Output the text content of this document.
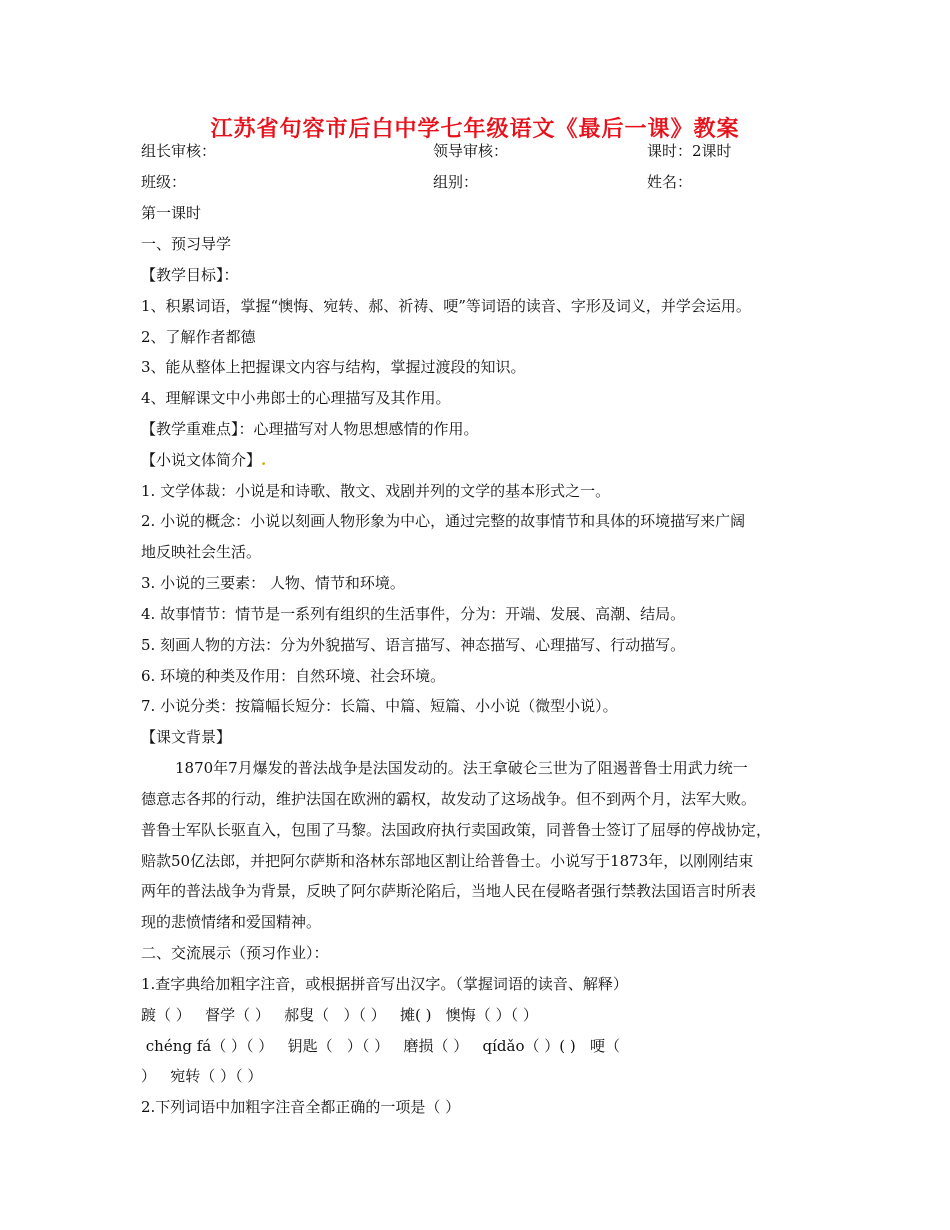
江苏省句容市后白中学七年级语文《最后一课》教案
组长审核：	领导审核：	课时：2课时
班级：	组别：	姓名：
第一课时
一、预习导学
【教学目标】：
1、积累词语，掌握“懊悔、宛转、郝、祈祷、哽”等词语的读音、字形及词义，并学会运用。
2、了解作者都德
3、能从整体上把握课文内容与结构，掌握过渡段的知识。
4、理解课文中小弗郎士的心理描写及其作用。
【教学重难点】：心理描写对人物思想感情的作用。
【小说文体简介】.
1. 文学体裁：小说是和诗歌、散文、戏剧并列的文学的基本形式之一。
2. 小说的概念：小说以刻画人物形象为中心，通过完整的故事情节和具体的环境描写来广阔
地反映社会生活。
3. 小说的三要素： 人物、情节和环境。
4. 故事情节：情节是一系列有组织的生活事件，分为：开端、发展、高潮、结局。
5. 刻画人物的方法：分为外貌描写、语言描写、神态描写、心理描写、行动描写。
6. 环境的种类及作用：自然环境、社会环境。
7. 小说分类：按篇幅长短分：长篇、中篇、短篇、小小说（微型小说）。
【课文背景】
1870年7月爆发的普法战争是法国发动的。法王拿破仑三世为了阻遏普鲁士用武力统一
德意志各邦的行动，维护法国在欧洲的霸权，故发动了这场战争。但不到两个月，法军大败。
普鲁士军队长驱直入，包围了马黎。法国政府执行卖国政策，同普鲁士签订了屈辱的停战协定，
赔款50亿法郎，并把阿尔萨斯和洛林东部地区割让给普鲁士。小说写于1873年，以刚刚结束
两年的普法战争为背景，反映了阿尔萨斯沦陷后，当地人民在侵略者强行禁教法国语言时所表
现的悲愤情绪和爱国精神。
二、交流展示（预习作业）：
1.查字典给加粗字注音，或根据拼音写出汉字。（掌握词语的读音、解释）
踱（ ）   督学（ ）   郝叟（   ）（ ）   摊( )   懊悔（ ）（ ）
chéng fá（ ）（ ）   钥匙（   ）（ ）   磨损（ ）   qídǎo（ ）( )   哽（
）   宛转（ ）（ ）
2.下列词语中加粗字注音全都正确的一项是（ ）
